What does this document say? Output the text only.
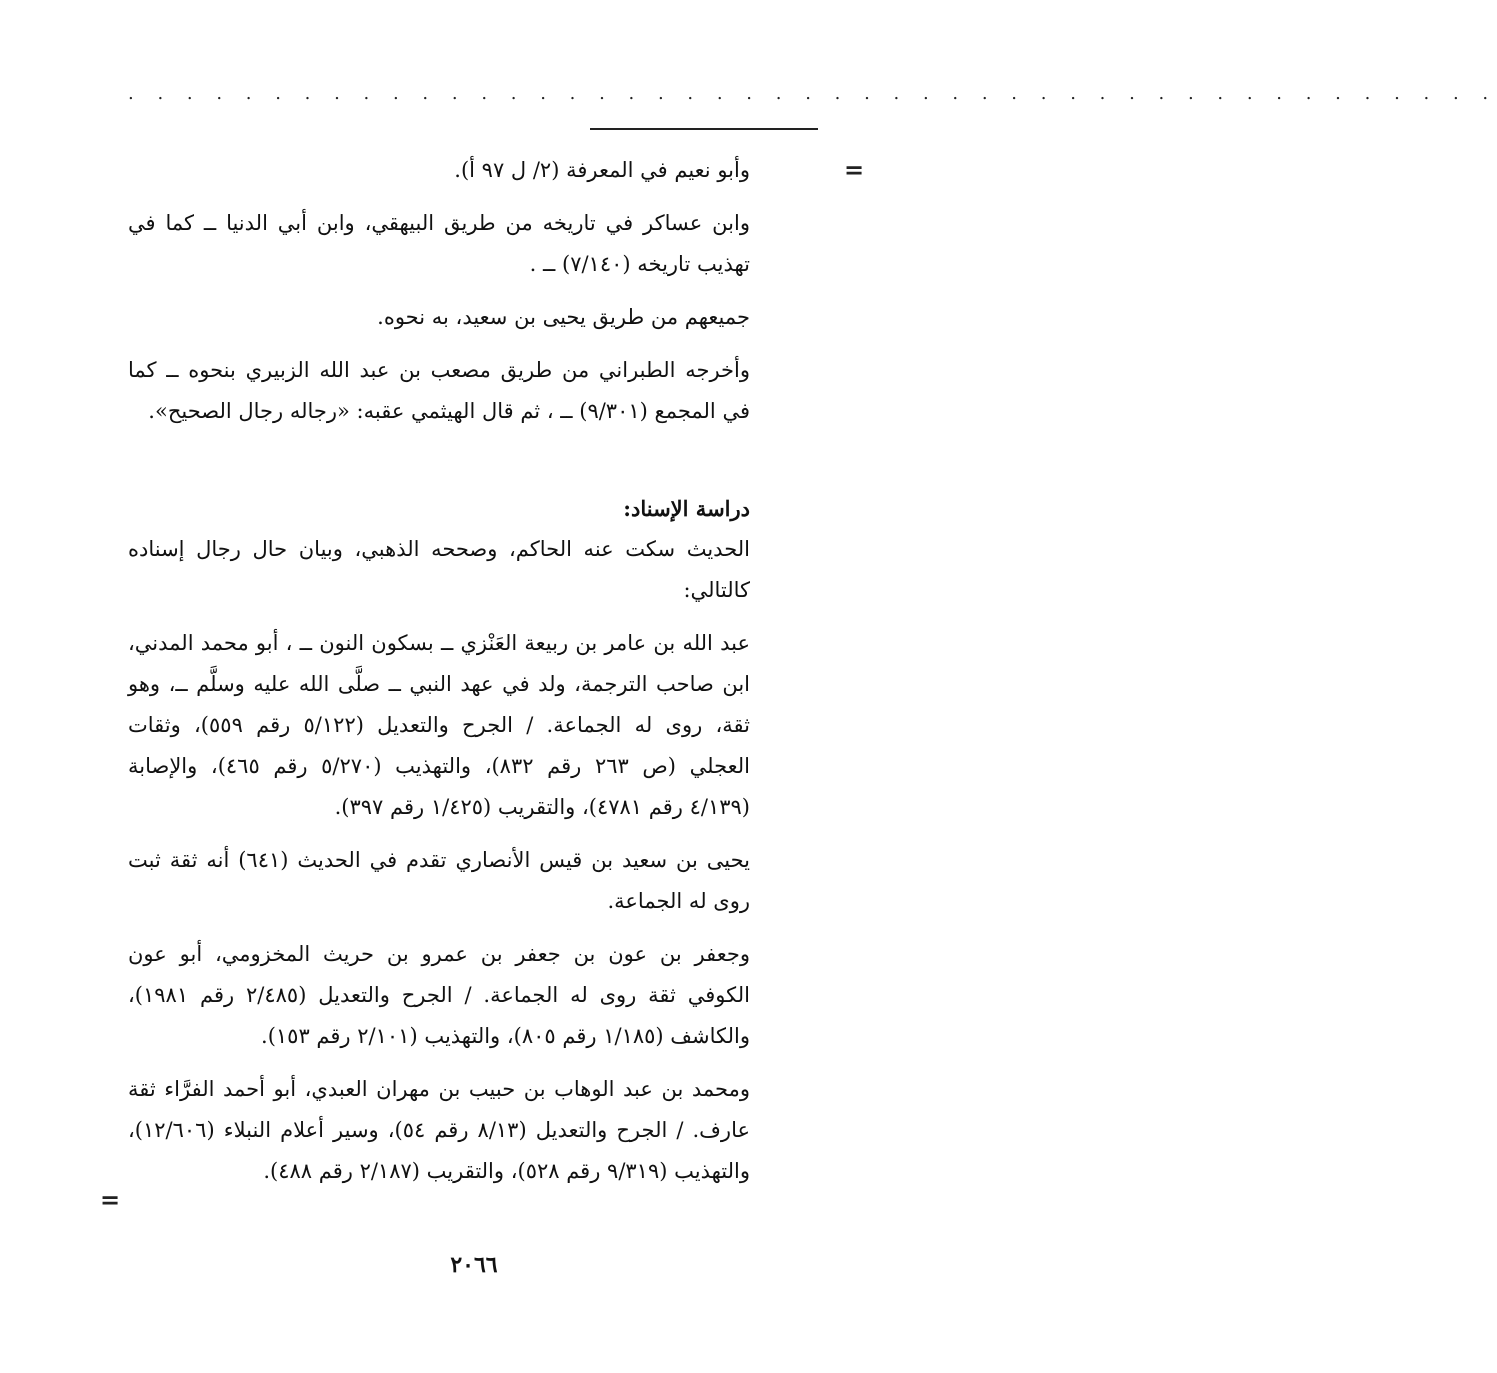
. . . . . . . . . . . . . . . . . . . . . . . . . . . . . . . . . . . . . . . . . . . . . . .
=

وأبو نعيم في المعرفة (٢/ ل ٩٧ أ).

وابن عساكر في تاريخه من طريق البيهقي، وابن أبي الدنيا ــ كما في تهذيب تاريخه (٧/١٤٠) ــ .

جميعهم من طريق يحيى بن سعيد، به نحوه.

وأخرجه الطبراني من طريق مصعب بن عبد الله الزبيري بنحوه ــ كما في المجمع (٩/٣٠١) ــ ، ثم قال الهيثمي عقبه: «رجاله رجال الصحيح».

دراسة الإسناد:

الحديث سكت عنه الحاكم، وصححه الذهبي، وبيان حال رجال إسناده كالتالي:

عبد الله بن عامر بن ربيعة العَنْزي ــ بسكون النون ــ ، أبو محمد المدني، ابن صاحب الترجمة، ولد في عهد النبي ــ صلَّى الله عليه وسلَّم ــ، وهو ثقة، روى له الجماعة. / الجرح والتعديل (٥/١٢٢ رقم ٥٥٩)، وثقات العجلي (ص ٢٦٣ رقم ٨٣٢)، والتهذيب (٥/٢٧٠ رقم ٤٦٥)، والإصابة (٤/١٣٩ رقم ٤٧٨١)، والتقريب (١/٤٢٥ رقم ٣٩٧).

يحيى بن سعيد بن قيس الأنصاري تقدم في الحديث (٦٤١) أنه ثقة ثبت روى له الجماعة.

وجعفر بن عون بن جعفر بن عمرو بن حريث المخزومي، أبو عون الكوفي ثقة روى له الجماعة. / الجرح والتعديل (٢/٤٨٥ رقم ١٩٨١)، والكاشف (١/١٨٥ رقم ٨٠٥)، والتهذيب (٢/١٠١ رقم ١٥٣).

ومحمد بن عبد الوهاب بن حبيب بن مهران العبدي، أبو أحمد الفرَّاء ثقة عارف. / الجرح والتعديل (٨/١٣ رقم ٥٤)، وسير أعلام النبلاء (١٢/٦٠٦)، والتهذيب (٩/٣١٩ رقم ٥٢٨)، والتقريب (٢/١٨٧ رقم ٤٨٨).

=
٢٠٦٦
